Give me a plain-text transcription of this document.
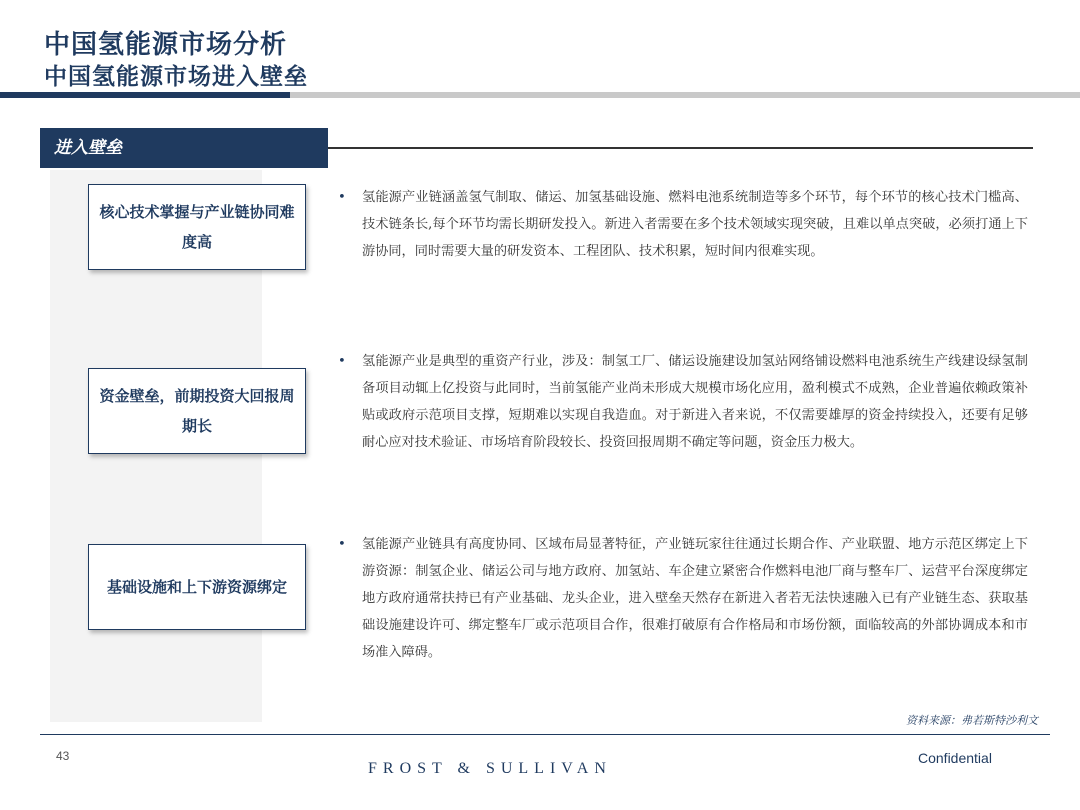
中国氢能源市场分析
中国氢能源市场进入壁垒
进入壁垒
核心技术掌握与产业链协同难度高
•	氢能源产业链涵盖氢气制取、储运、加氢基础设施、燃料电池系统制造等多个环节，每个环节的核心技术门槛高、技术链条长,每个环节均需长期研发投入。新进入者需要在多个技术领域实现突破，且难以单点突破，必须打通上下游协同，同时需要大量的研发资本、工程团队、技术积累，短时间内很难实现。
资金壁垒，前期投资大回报周期长
•	氢能源产业是典型的重资产行业，涉及：制氢工厂、储运设施建设加氢站网络铺设燃料电池系统生产线建设绿氢制备项目动辄上亿投资与此同时，当前氢能产业尚未形成大规模市场化应用，盈利模式不成熟，企业普遍依赖政策补贴或政府示范项目支撑，短期难以实现自我造血。对于新进入者来说，不仅需要雄厚的资金持续投入，还要有足够耐心应对技术验证、市场培育阶段较长、投资回报周期不确定等问题，资金压力极大。
基础设施和上下游资源绑定
•	氢能源产业链具有高度协同、区域布局显著特征，产业链玩家往往通过长期合作、产业联盟、地方示范区绑定上下游资源：制氢企业、储运公司与地方政府、加氢站、车企建立紧密合作燃料电池厂商与整车厂、运营平台深度绑定地方政府通常扶持已有产业基础、龙头企业，进入壁垒天然存在新进入者若无法快速融入已有产业链生态、获取基础设施建设许可、绑定整车厂或示范项目合作，很难打破原有合作格局和市场份额，面临较高的外部协调成本和市场准入障碍。
资料来源：弗若斯特沙利文
43
FROST & SULLIVAN
Confidential
